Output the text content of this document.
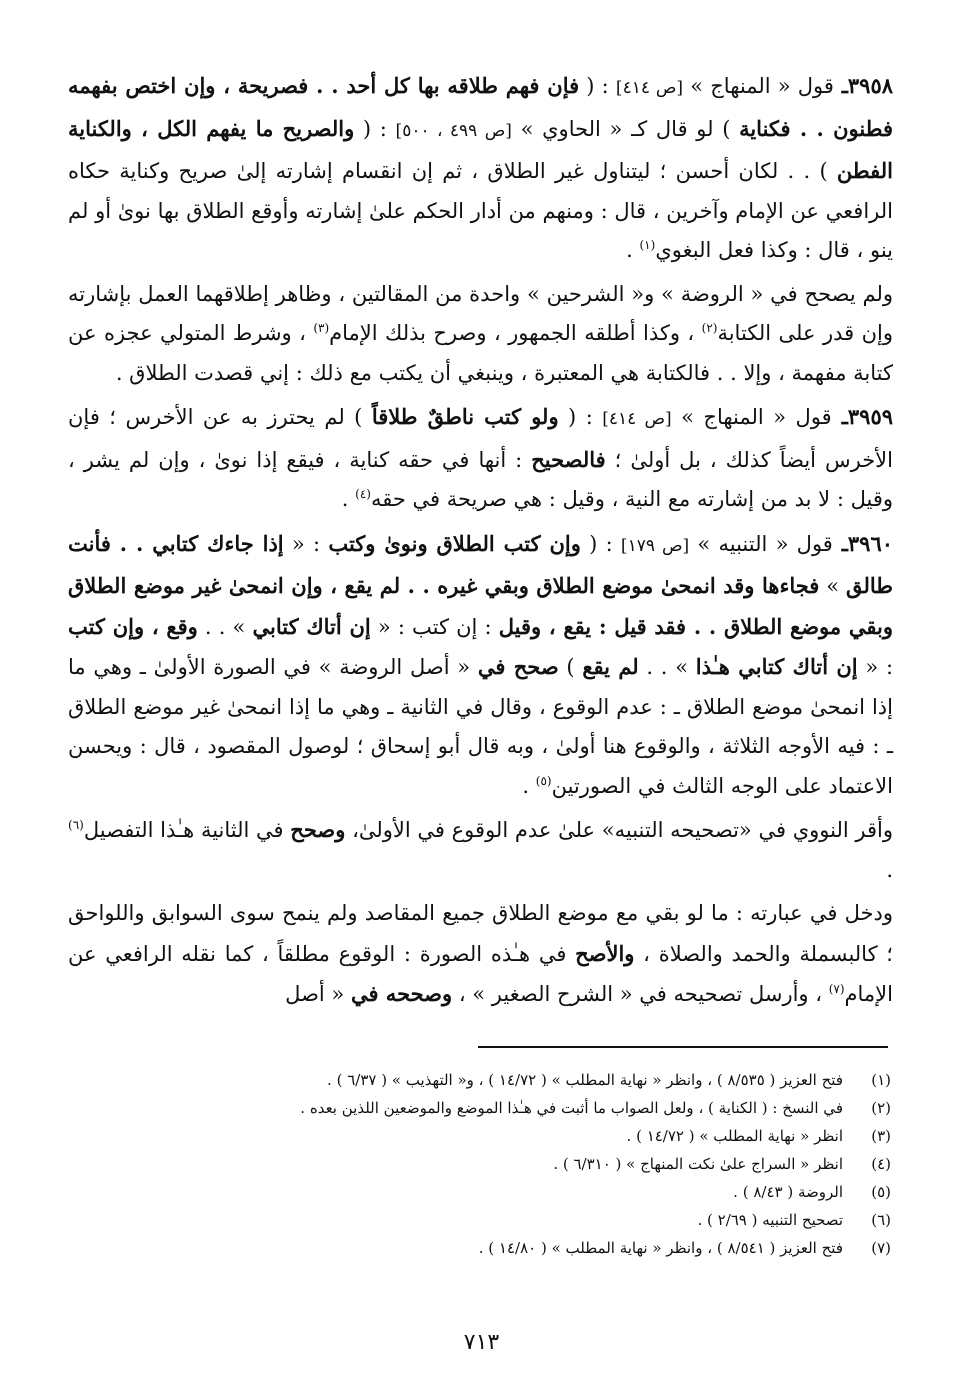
٣٩٥٨ـ قول « المنهاج » [ص ٤١٤] : ( فإن فهم طلاقه بها كل أحد . . فصريحة ، وإن اختص بفهمه فطنون . . فكناية ) لو قال كـ « الحاوي » [ص ٤٩٩ ، ٥٠٠] : ( والصريح ما يفهم الكل ، والكناية الفطن ) . . لكان أحسن ؛ ليتناول غير الطلاق ، ثم إن انقسام إشارته إلىٰ صريح وكناية حكاه الرافعي عن الإمام وآخرين ، قال : ومنهم من أدار الحكم علىٰ إشارته وأوقع الطلاق بها نوىٰ أو لم ينو ، قال : وكذا فعل البغوي$^{(١)}$ .

ولم يصحح في « الروضة » و« الشرحين » واحدة من المقالتين ، وظاهر إطلاقهما العمل بإشارته وإن قدر على الكتابة$^{(٢)}$ ، وكذا أطلقه الجمهور ، وصرح بذلك الإمام$^{(٣)}$ ، وشرط المتولي عجزه عن كتابة مفهمة ، وإلا . . فالكتابة هي المعتبرة ، وينبغي أن يكتب مع ذلك : إني قصدت الطلاق .

٣٩٥٩ـ قول « المنهاج » [ص ٤١٤] : ( ولو كتب ناطقٌ طلاقاً ) لم يحترز به عن الأخرس ؛ فإن الأخرس أيضاً كذلك ، بل أولىٰ ؛ فالصحيح : أنها في حقه كناية ، فيقع إذا نوىٰ ، وإن لم يشر ، وقيل : لا بد من إشارته مع النية ، وقيل : هي صريحة في حقه$^{(٤)}$ .

٣٩٦٠ـ قول « التنبيه » [ص ١٧٩] : ( وإن كتب الطلاق ونوىٰ وكتب : « إذا جاءك كتابي . . فأنت طالق » فجاءها وقد انمحىٰ موضع الطلاق وبقي غيره . . لم يقع ، وإن انمحىٰ غير موضع الطلاق وبقي موضع الطلاق . . فقد قيل : يقع ، وقيل : إن كتب : « إن أتاك كتابي » . . وقع ، وإن كتب : « إن أتاك كتابي هـٰذا » . . لم يقع ) صحح في « أصل الروضة » في الصورة الأولىٰ ـ وهي ما إذا انمحىٰ موضع الطلاق ـ : عدم الوقوع ، وقال في الثانية ـ وهي ما إذا انمحىٰ غير موضع الطلاق ـ : فيه الأوجه الثلاثة ، والوقوع هنا أولىٰ ، وبه قال أبو إسحاق ؛ لوصول المقصود ، قال : ويحسن الاعتماد على الوجه الثالث في الصورتين$^{(٥)}$ .

وأقر النووي في «تصحيحه التنبيه» علىٰ عدم الوقوع في الأولىٰ، وصحح في الثانية هـٰذا التفصيل$^{(٦)}$ .

ودخل في عبارته : ما لو بقي مع موضع الطلاق جميع المقاصد ولم ينمح سوى السوابق واللواحق ؛ كالبسملة والحمد والصلاة ، والأصح في هـٰذه الصورة : الوقوع مطلقاً ، كما نقله الرافعي عن الإمام$^{(٧)}$ ، وأرسل تصحيحه في « الشرح الصغير » ، وصححه في « أصل

(١)
فتح العزيز ( ٨/٥٣٥ ) ، وانظر « نهاية المطلب » ( ١٤/٧٢ ) ، و« التهذيب » ( ٦/٣٧ ) .
(٢)
في النسخ : ( الكناية ) ، ولعل الصواب ما أثبت في هـٰذا الموضع والموضعين اللذين بعده .
(٣)
انظر « نهاية المطلب » ( ١٤/٧٢ ) .
(٤)
انظر « السراج علىٰ نكت المنهاج » ( ٦/٣١٠ ) .
(٥)
الروضة ( ٨/٤٣ ) .
(٦)
تصحيح التنبيه ( ٢/٦٩ ) .
(٧)
فتح العزيز ( ٨/٥٤١ ) ، وانظر « نهاية المطلب » ( ١٤/٨٠ ) .
٧١٣
